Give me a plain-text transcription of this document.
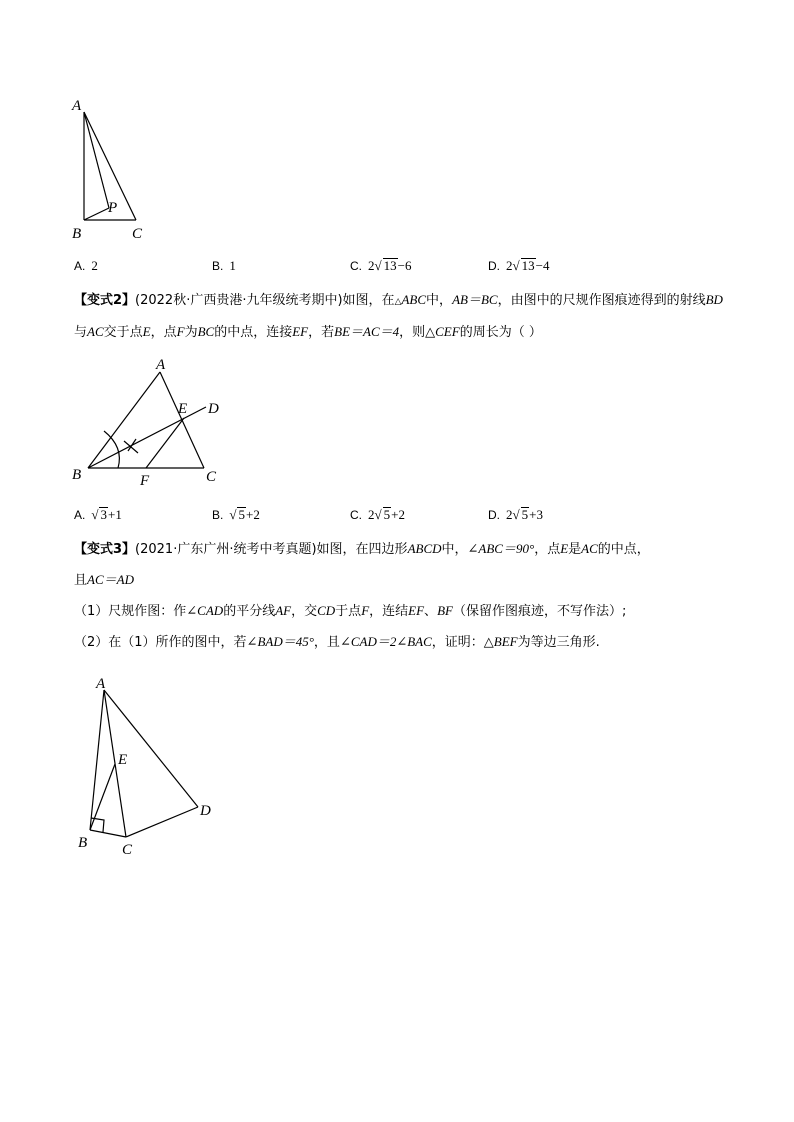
A
B	C
P
A. 2	B. 1	C. 2√ 13−6	D. 2√ 13−4
【变式2】(2022秋·广西贵港·九年级统考期中)如图，在△ABC中，AB＝BC，由图中的尺规作图痕迹得到的射线BD与AC交于点E，点F为BC的中点，连接EF，若BE＝AC＝4，则△CEF的周长为（ ）
A
B	C
D
E
F
A. √ 3+1	B. √ 5+2	C. 2√ 5+2	D. 2√ 5+3
【变式3】(2021·广东广州·统考中考真题)如图，在四边形ABCD中，∠ABC＝90°，点E是AC的中点，
且AC＝AD
（1）尺规作图：作∠CAD的平分线AF，交CD于点F，连结EF、BF（保留作图痕迹，不写作法）;
（2）在（1）所作的图中，若∠BAD＝45°，且∠CAD＝2∠BAC，证明：△BEF为等边三角形.
A
B C
D
E
